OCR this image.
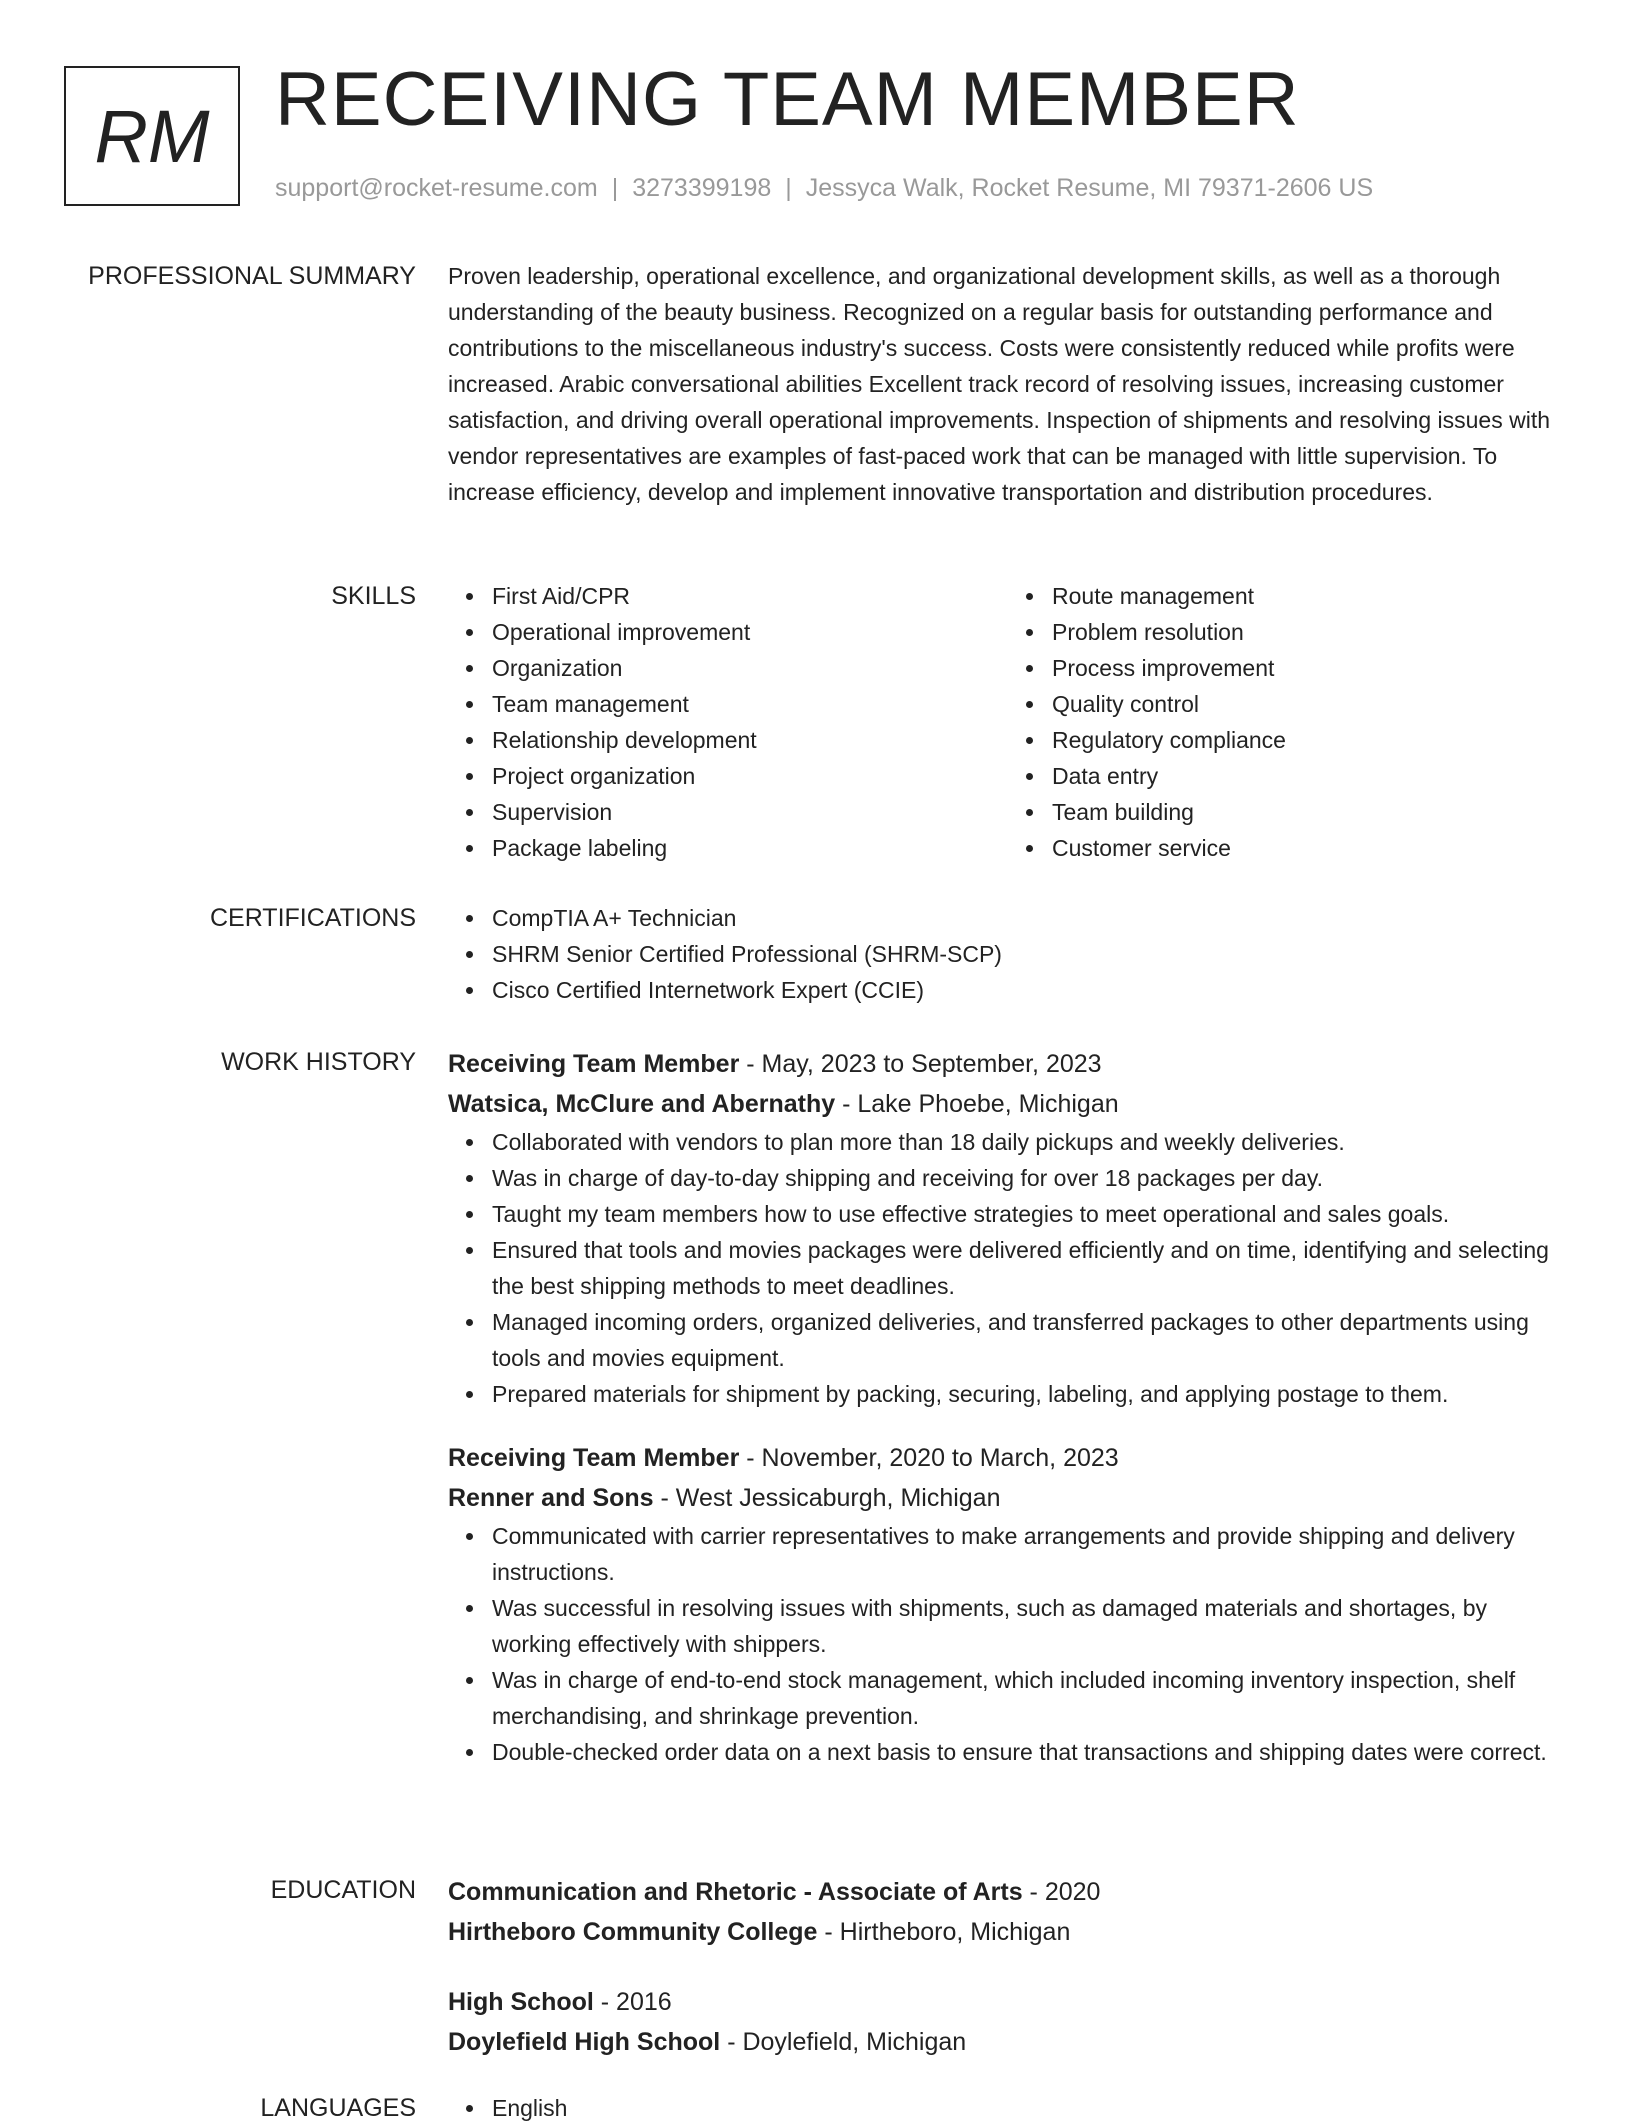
RM RECEIVING TEAM MEMBER
support@rocket-resume.com | 3273399198 | Jessyca Walk, Rocket Resume, MI 79371-2606 US
PROFESSIONAL SUMMARY Proven leadership, operational excellence, and organizational development skills, as well as a thorough understanding of the beauty business. Recognized on a regular basis for outstanding performance and contributions to the miscellaneous industry's success. Costs were consistently reduced while profits were increased. Arabic conversational abilities Excellent track record of resolving issues, increasing customer satisfaction, and driving overall operational improvements. Inspection of shipments and resolving issues with vendor representatives are examples of fast-paced work that can be managed with little supervision. To increase efficiency, develop and implement innovative transportation and distribution procedures.
SKILLS	First Aid/CPR
Operational improvement
Organization
Team management
Relationship development
Project organization
Supervision
Package labeling
Route management
Problem resolution
Process improvement
Quality control
Regulatory compliance
Data entry
Team building
Customer service
CERTIFICATIONS	CompTIA A+ Technician
SHRM Senior Certified Professional (SHRM-SCP)
Cisco Certified Internetwork Expert (CCIE)
WORK HISTORY Receiving Team Member - May, 2023 to September, 2023
Watsica, McClure and Abernathy - Lake Phoebe, Michigan
Collaborated with vendors to plan more than 18 daily pickups and weekly deliveries.
Was in charge of day-to-day shipping and receiving for over 18 packages per day.
Taught my team members how to use effective strategies to meet operational and sales goals.
Ensured that tools and movies packages were delivered efficiently and on time, identifying and selecting the best shipping methods to meet deadlines.
Managed incoming orders, organized deliveries, and transferred packages to other departments using tools and movies equipment.
Prepared materials for shipment by packing, securing, labeling, and applying postage to them.
Receiving Team Member - November, 2020 to March, 2023
Renner and Sons - West Jessicaburgh, Michigan
Communicated with carrier representatives to make arrangements and provide shipping and delivery instructions.
Was successful in resolving issues with shipments, such as damaged materials and shortages, by working effectively with shippers.
Was in charge of end-to-end stock management, which included incoming inventory inspection, shelf merchandising, and shrinkage prevention.
Double-checked order data on a next basis to ensure that transactions and shipping dates were correct.
EDUCATION Communication and Rhetoric - Associate of Arts - 2020
Hirtheboro Community College - Hirtheboro, Michigan
High School - 2016
Doylefield High School - Doylefield, Michigan
LANGUAGES	English
